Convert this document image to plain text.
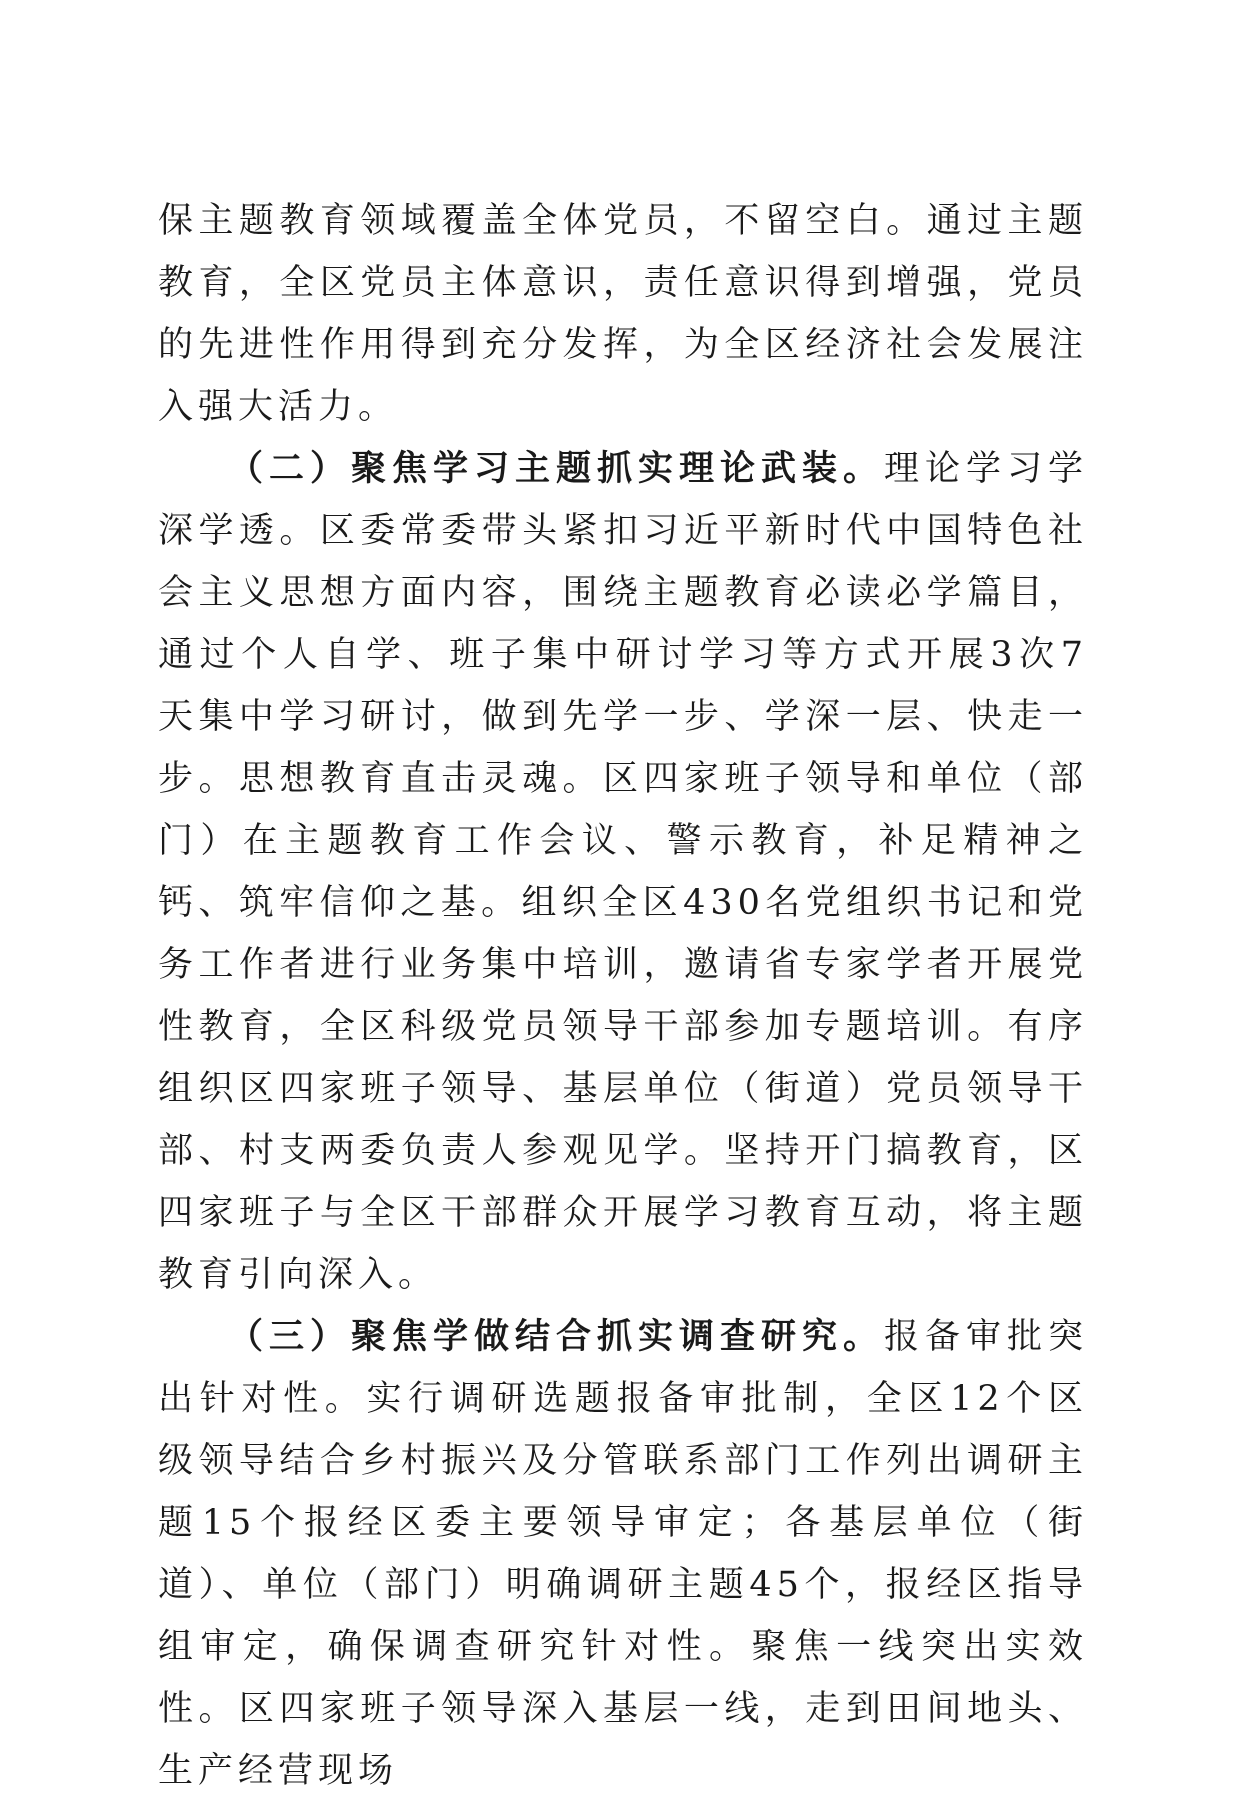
保主题教育领域覆盖全体党员，不留空白。通过主题教育，全区党员主体意识，责任意识得到增强，党员的先进性作用得到充分发挥，为全区经济社会发展注入强大活力。

（二）聚焦学习主题抓实理论武装。理论学习学深学透。区委常委带头紧扣习近平新时代中国特色社会主义思想方面内容，围绕主题教育必读必学篇目，通过个人自学、班子集中研讨学习等方式开展3次7天集中学习研讨，做到先学一步、学深一层、快走一步。思想教育直击灵魂。区四家班子领导和单位（部门）在主题教育工作会议、警示教育，补足精神之钙、筑牢信仰之基。组织全区430名党组织书记和党务工作者进行业务集中培训，邀请省专家学者开展党性教育，全区科级党员领导干部参加专题培训。有序组织区四家班子领导、基层单位（街道）党员领导干部、村支两委负责人参观见学。坚持开门搞教育，区四家班子与全区干部群众开展学习教育互动，将主题教育引向深入。

（三）聚焦学做结合抓实调查研究。报备审批突出针对性。实行调研选题报备审批制，全区12个区级领导结合乡村振兴及分管联系部门工作列出调研主题15个报经区委主要领导审定；各基层单位（街道）、单位（部门）明确调研主题45个，报经区指导组审定，确保调查研究针对性。聚焦一线突出实效性。区四家班子领导深入基层一线，走到田间地头、生产经营现场
